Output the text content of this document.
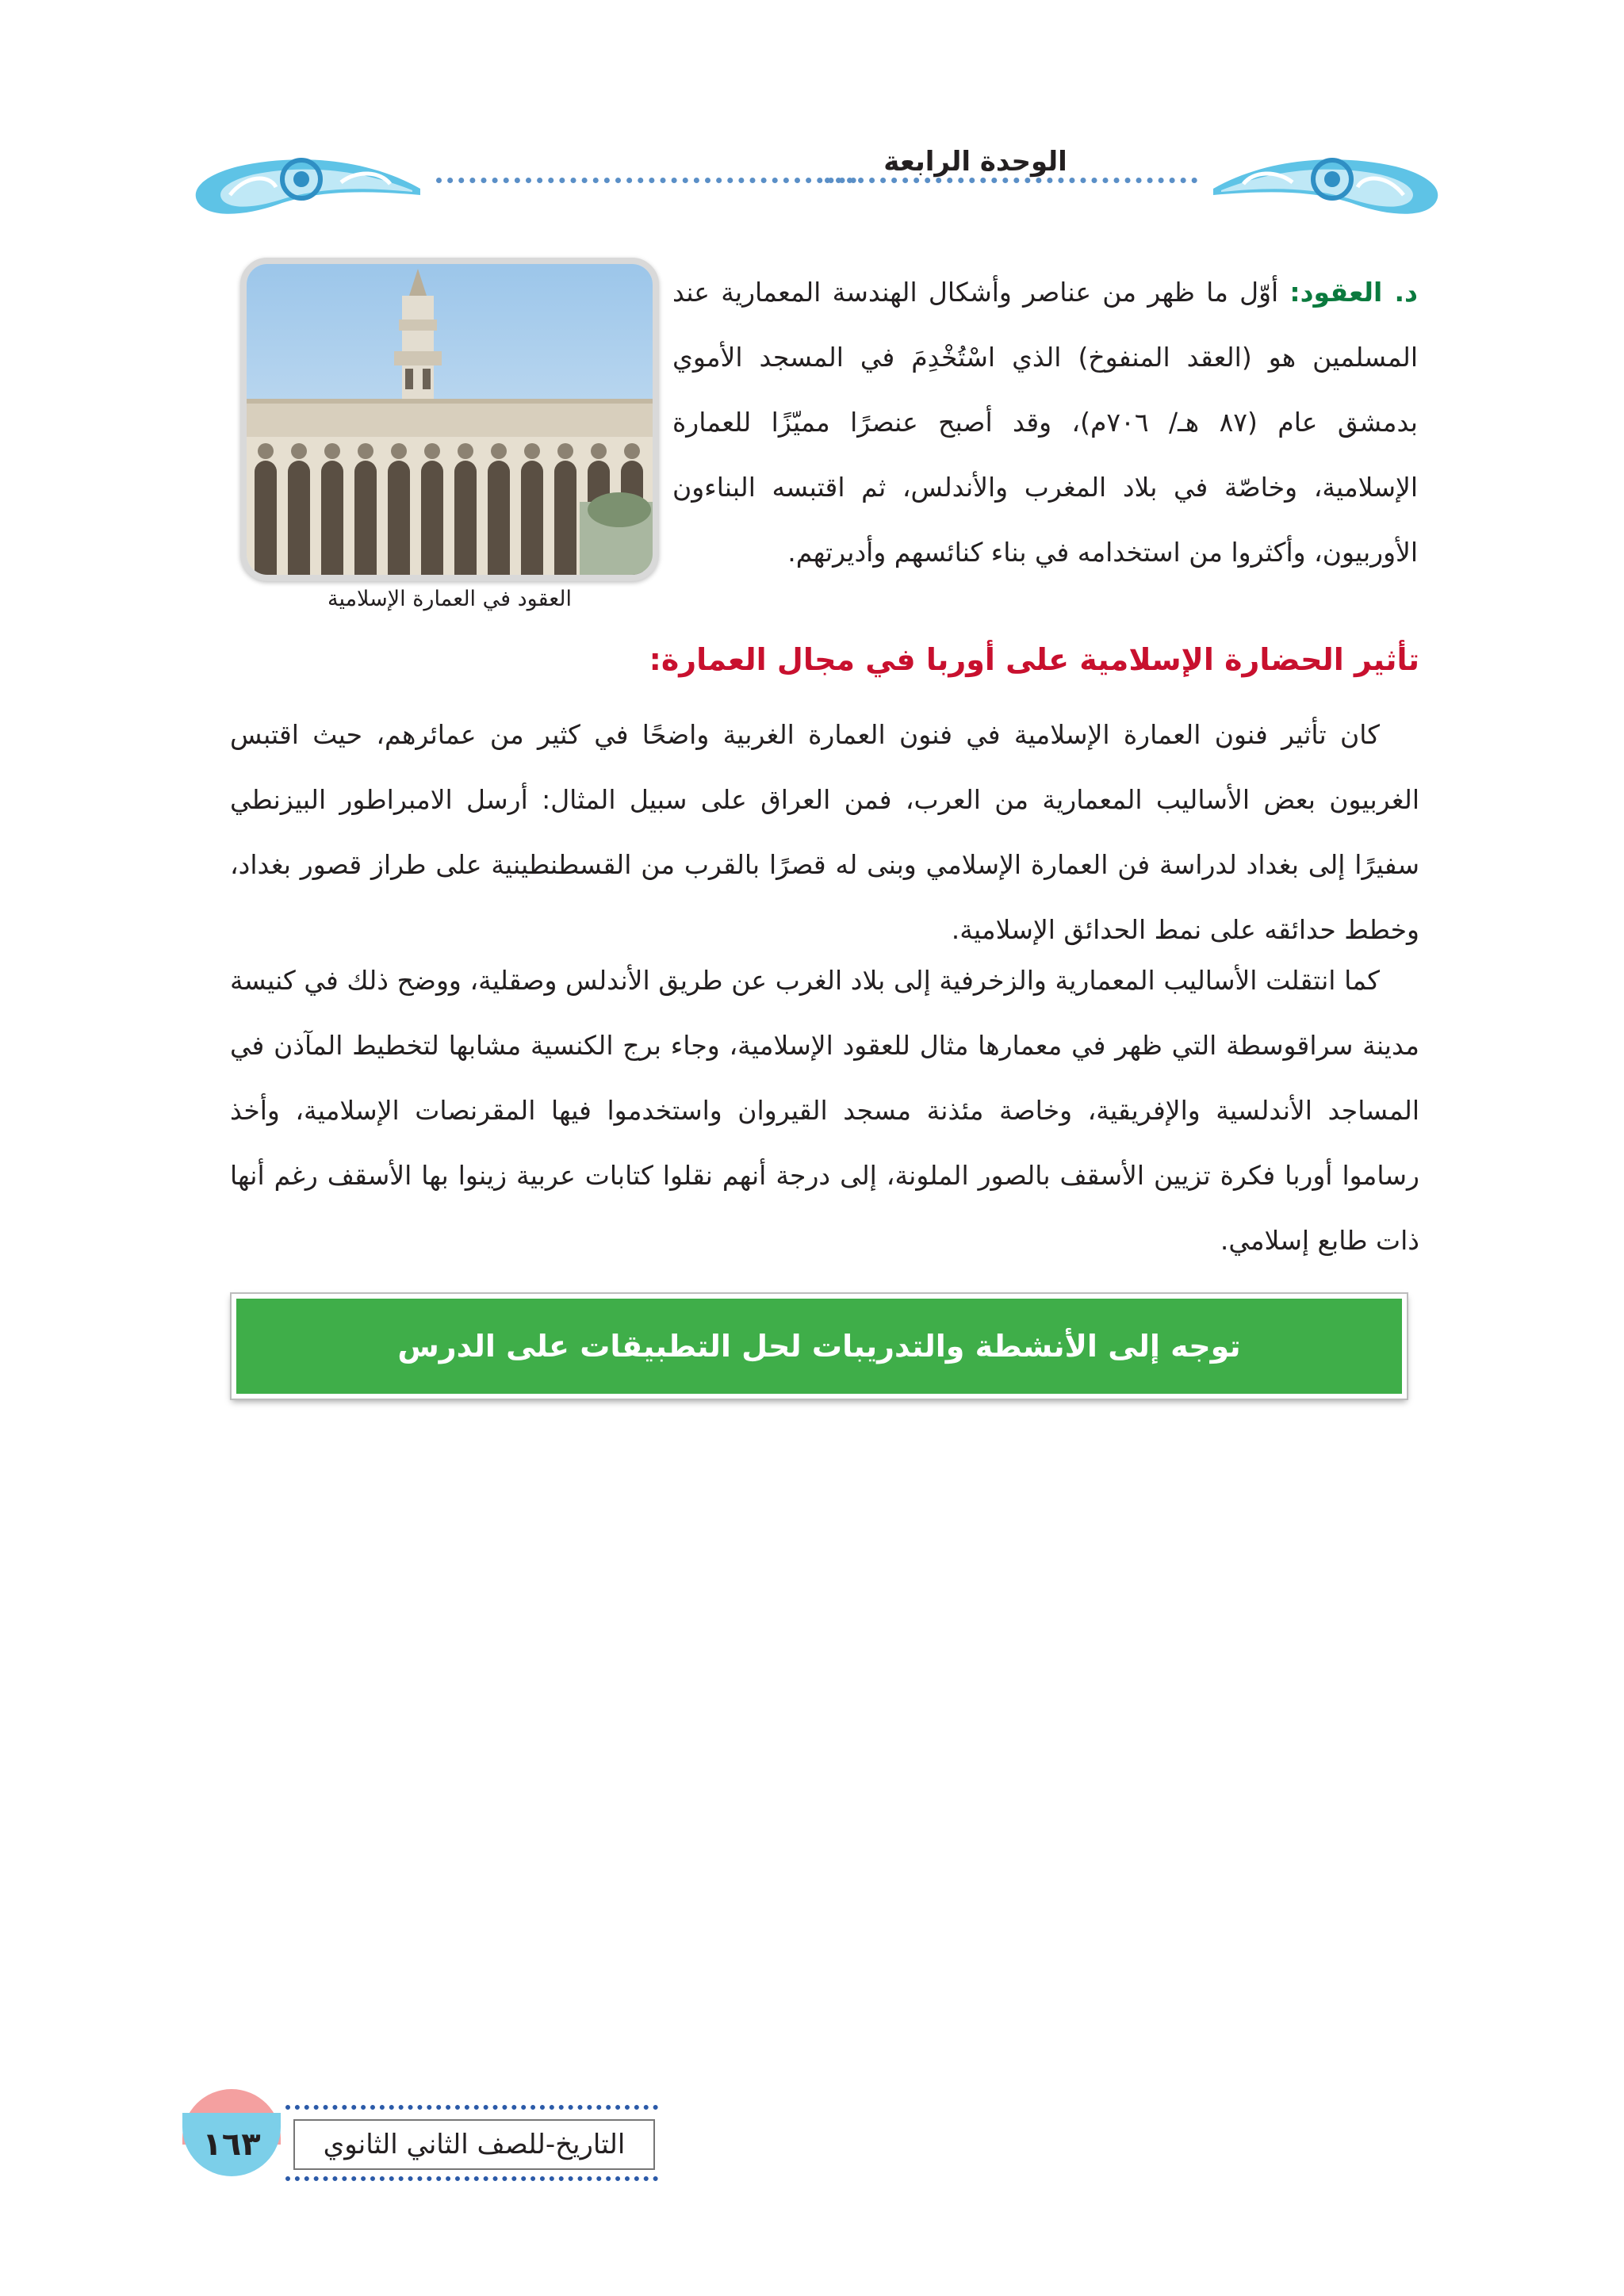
الوحدة الرابعة
العقود في العمارة الإسلامية

د. العقود: أوّل ما ظهر من عناصر وأشكال الهندسة المعمارية عند المسلمين هو (العقد المنفوخ) الذي اسْتُخْدِمَ في المسجد الأموي بدمشق عام (٨٧ هـ/ ٧٠٦م)، وقد أصبح عنصرًا مميّزًا للعمارة الإسلامية، وخاصّة في بلاد المغرب والأندلس، ثم اقتبسه البناءون الأوربيون، وأكثروا من استخدامه في بناء كنائسهم وأديرتهم.

تأثير الحضارة الإسلامية على أوربا في مجال العمارة:

كان تأثير فنون العمارة الإسلامية في فنون العمارة الغربية واضحًا في كثير من عمائرهم، حيث اقتبس الغربيون بعض الأساليب المعمارية من العرب، فمن العراق على سبيل المثال: أرسل الامبراطور البيزنطي سفيرًا إلى بغداد لدراسة فن العمارة الإسلامي وبنى له قصرًا بالقرب من القسطنطينية على طراز قصور بغداد، وخطط حدائقه على نمط الحدائق الإسلامية.

كما انتقلت الأساليب المعمارية والزخرفية إلى بلاد الغرب عن طريق الأندلس وصقلية، ووضح ذلك في كنيسة مدينة سراقوسطة التي ظهر في معمارها مثال للعقود الإسلامية، وجاء برج الكنسية مشابها لتخطيط المآذن في المساجد الأندلسية والإفريقية، وخاصة مئذنة مسجد القيروان واستخدموا فيها المقرنصات الإسلامية، وأخذ رساموا أوربا فكرة تزيين الأسقف بالصور الملونة، إلى درجة أنهم نقلوا كتابات عربية زينوا بها الأسقف رغم أنها ذات طابع إسلامي.

توجه إلى الأنشطة والتدريبات لحل التطبيقات على الدرس
١٦٣	التاريخ-للصف الثاني الثانوي
